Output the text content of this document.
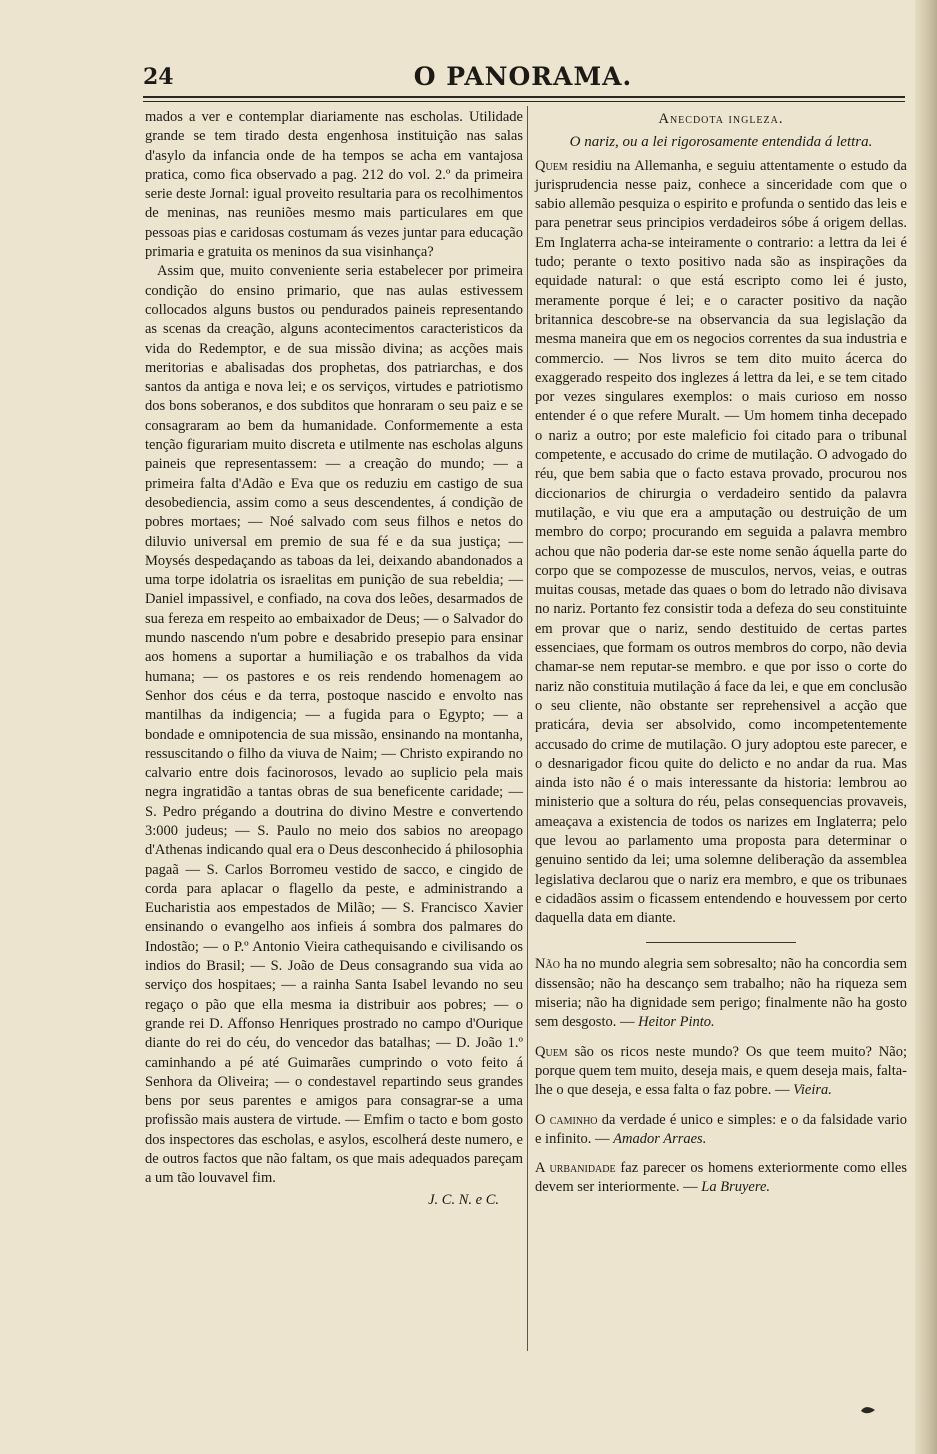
24	O PANORAMA.

mados a ver e contemplar diariamente nas escholas. Utilidade grande se tem tirado desta engenhosa instituição nas salas d'asylo da infancia onde de ha tempos se acha em vantajosa pratica, como fica observado a pag. 212 do vol. 2.º da primeira serie deste Jornal: igual proveito resultaria para os recolhimentos de meninas, nas reuniões mesmo mais particulares em que pessoas pias e caridosas costumam ás vezes juntar para educação primaria e gratuita os meninos da sua visinhança?

Assim que, muito conveniente seria estabelecer por primeira condição do ensino primario, que nas aulas estivessem collocados alguns bustos ou pendurados paineis representando as scenas da creação, alguns acontecimentos caracteristicos da vida do Redemptor, e de sua missão divina; as acções mais meritorias e abalisadas dos prophetas, dos patriarchas, e dos santos da antiga e nova lei; e os serviços, virtudes e patriotismo dos bons soberanos, e dos subditos que honraram o seu paiz e se consagraram ao bem da humanidade. Conformemente a esta tenção figurariam muito discreta e utilmente nas escholas alguns paineis que representassem: — a creação do mundo; — a primeira falta d'Adão e Eva que os reduziu em castigo de sua desobediencia, assim como a seus descendentes, á condição de pobres mortaes; — Noé salvado com seus filhos e netos do diluvio universal em premio de sua fé e da sua justiça; — Moysés despedaçando as taboas da lei, deixando abandonados a uma torpe idolatria os israelitas em punição de sua rebeldia; — Daniel impassivel, e confiado, na cova dos leões, desarmados de sua fereza em respeito ao embaixador de Deus; — o Salvador do mundo nascendo n'um pobre e desabrido presepio para ensinar aos homens a suportar a humiliação e os trabalhos da vida humana; — os pastores e os reis rendendo homenagem ao Senhor dos céus e da terra, postoque nascido e envolto nas mantilhas da indigencia; — a fugida para o Egypto; — a bondade e omnipotencia de sua missão, ensinando na montanha, ressuscitando o filho da viuva de Naim; — Christo expirando no calvario entre dois facinorosos, levado ao suplicio pela mais negra ingratidão a tantas obras de sua beneficente caridade; — S. Pedro prégando a doutrina do divino Mestre e convertendo 3:000 judeus; — S. Paulo no meio dos sabios no areopago d'Athenas indicando qual era o Deus desconhecido á philosophia pagaã — S. Carlos Borromeu vestido de sacco, e cingido de corda para aplacar o flagello da peste, e administrando a Eucharistia aos empestados de Milão; — S. Francisco Xavier ensinando o evangelho aos infieis á sombra dos palmares do Indostão; — o P.º Antonio Vieira cathequisando e civilisando os indios do Brasil; — S. João de Deus consagrando sua vida ao serviço dos hospitaes; — a rainha Santa Isabel levando no seu regaço o pão que ella mesma ia distribuir aos pobres; — o grande rei D. Affonso Henriques prostrado no campo d'Ourique diante do rei do céu, do vencedor das batalhas; — D. João 1.º caminhando a pé até Guimarães cumprindo o voto feito á Senhora da Oliveira; — o condestavel repartindo seus grandes bens por seus parentes e amigos para consagrar-se a uma profissão mais austera de virtude. — Emfim o tacto e bom gosto dos inspectores das escholas, e asylos, escolherá deste numero, e de outros factos que não faltam, os que mais adequados pareçam a um tão louvavel fim.

J. C. N. e C.

Anecdota ingleza.

O nariz, ou a lei rigorosamente entendida á lettra.

Quem residiu na Allemanha, e seguiu attentamente o estudo da jurisprudencia nesse paiz, conhece a sinceridade com que o sabio allemão pesquiza o espirito e profunda o sentido das leis e para penetrar seus principios verdadeiros sóbe á origem dellas. Em Inglaterra acha-se inteiramente o contrario: a lettra da lei é tudo; perante o texto positivo nada são as inspirações da equidade natural: o que está escripto como lei é justo, meramente porque é lei; e o caracter positivo da nação britannica descobre-se na observancia da sua legislação da mesma maneira que em os negocios correntes da sua industria e commercio. — Nos livros se tem dito muito ácerca do exaggerado respeito dos inglezes á lettra da lei, e se tem citado por vezes singulares exemplos: o mais curioso em nosso entender é o que refere Muralt. — Um homem tinha decepado o nariz a outro; por este maleficio foi citado para o tribunal competente, e accusado do crime de mutilação. O advogado do réu, que bem sabia que o facto estava provado, procurou nos diccionarios de chirurgia o verdadeiro sentido da palavra mutilação, e viu que era a amputação ou destruição de um membro do corpo; procurando em seguida a palavra membro achou que não poderia dar-se este nome senão áquella parte do corpo que se compozesse de musculos, nervos, veias, e outras muitas cousas, metade das quaes o bom do letrado não divisava no nariz. Portanto fez consistir toda a defeza do seu constituinte em provar que o nariz, sendo destituido de certas partes essenciaes, que formam os outros membros do corpo, não devia chamar-se nem reputar-se membro. e que por isso o corte do nariz não constituia mutilação á face da lei, e que em conclusão o seu cliente, não obstante ser reprehensivel a acção que praticára, devia ser absolvido, como incompetentemente accusado do crime de mutilação. O jury adoptou este parecer, e o desnarigador ficou quite do delicto e no andar da rua. Mas ainda isto não é o mais interessante da historia: lembrou ao ministerio que a soltura do réu, pelas consequencias provaveis, ameaçava a existencia de todos os narizes em Inglaterra; pelo que levou ao parlamento uma proposta para determinar o genuino sentido da lei; uma solemne deliberação da assemblea legislativa declarou que o nariz era membro, e que os tribunaes e cidadãos assim o ficassem entendendo e houvessem por certo daquella data em diante.

Não ha no mundo alegria sem sobresalto; não ha concordia sem dissensão; não ha descanço sem trabalho; não ha riqueza sem miseria; não ha dignidade sem perigo; finalmente não ha gosto sem desgosto. — Heitor Pinto.

Quem são os ricos neste mundo? Os que teem muito? Não; porque quem tem muito, deseja mais, e quem deseja mais, falta-lhe o que deseja, e essa falta o faz pobre. — Vieira.

O caminho da verdade é unico e simples: e o da falsidade vario e infinito. — Amador Arraes.

A urbanidade faz parecer os homens exteriormente como elles devem ser interiormente. — La Bruyere.
